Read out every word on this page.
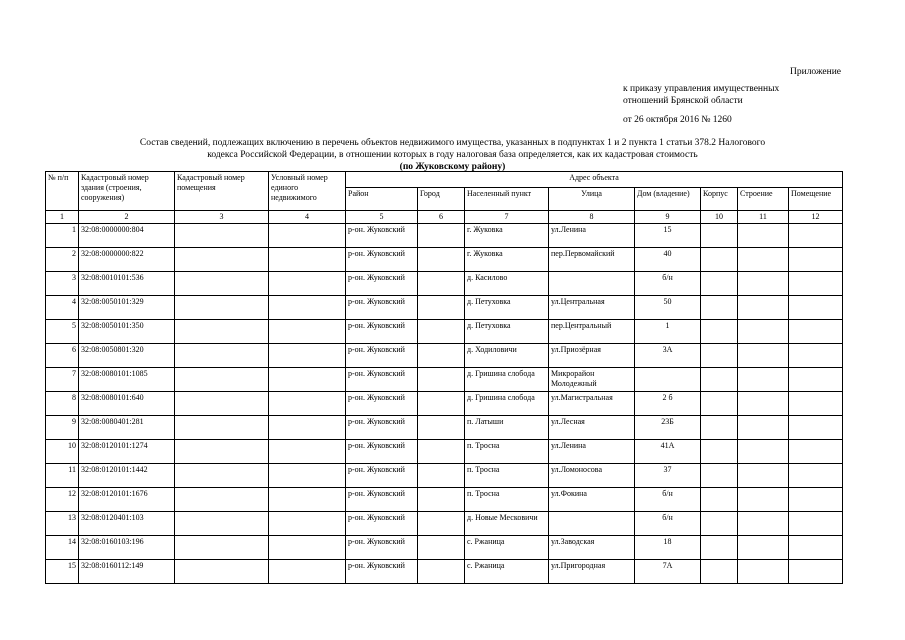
Приложение
к приказу управления имущественных
отношений Брянской области
от 26 октября 2016 № 1260
Состав сведений, подлежащих включению в перечень объектов недвижимого имущества, указанных в подпунктах 1 и 2 пункта 1 статьи 378.2 Налогового
кодекса Российской Федерации, в отношении которых в году налоговая база определяется, как их кадастровая стоимость
(по Жуковскому району)
№ п/п	Кадастровый номер здания (строения, сооружения)	Кадастровый номер помещения	Условный номер единого недвижимого	Адрес объекта							
				Район	Город	Населенный пункт	Улица	Дом (владение)	Корпус	Строение	Помещение
1	2	3	4	5	6	7	8	9	10	11	12
1	32:08:0000000:804			р-он. Жуковский		г. Жуковка	ул.Ленина	15			
2	32:08:0000000:822			р-он. Жуковский		г. Жуковка	пер.Первомайский	40			
3	32:08:0010101:536			р-он. Жуковский		д. Касилово		б/н			
4	32:08:0050101:329			р-он. Жуковский		д. Петуховка	ул.Центральная	50			
5	32:08:0050101:350			р-он. Жуковский		д. Петуховка	пер.Центральный	1			
6	32:08:0050801:320			р-он. Жуковский		д. Ходиловичи	ул.Приозёрная	3А			
7	32:08:0080101:1085			р-он. Жуковский		д. Гришина слобода	Микрорайон Молодежный				
8	32:08:0080101:640			р-он. Жуковский		д. Гришина слобода	ул.Магистральная	2 б			
9	32:08:0080401:281			р-он. Жуковский		п. Латыши	ул.Лесная	23Б			
10	32:08:0120101:1274			р-он. Жуковский		п. Тросна	ул.Ленина	41А			
11	32:08:0120101:1442			р-он. Жуковский		п. Тросна	ул.Ломоносова	37			
12	32:08:0120101:1676			р-он. Жуковский		п. Тросна	ул.Фокина	б/н			
13	32:08:0120401:103			р-он. Жуковский		д. Новые Месковичи		б/н			
14	32:08:0160103:196			р-он. Жуковский		с. Ржаница	ул.Заводская	18			
15	32:08:0160112:149			р-он. Жуковский		с. Ржаница	ул.Пригородная	7А			
